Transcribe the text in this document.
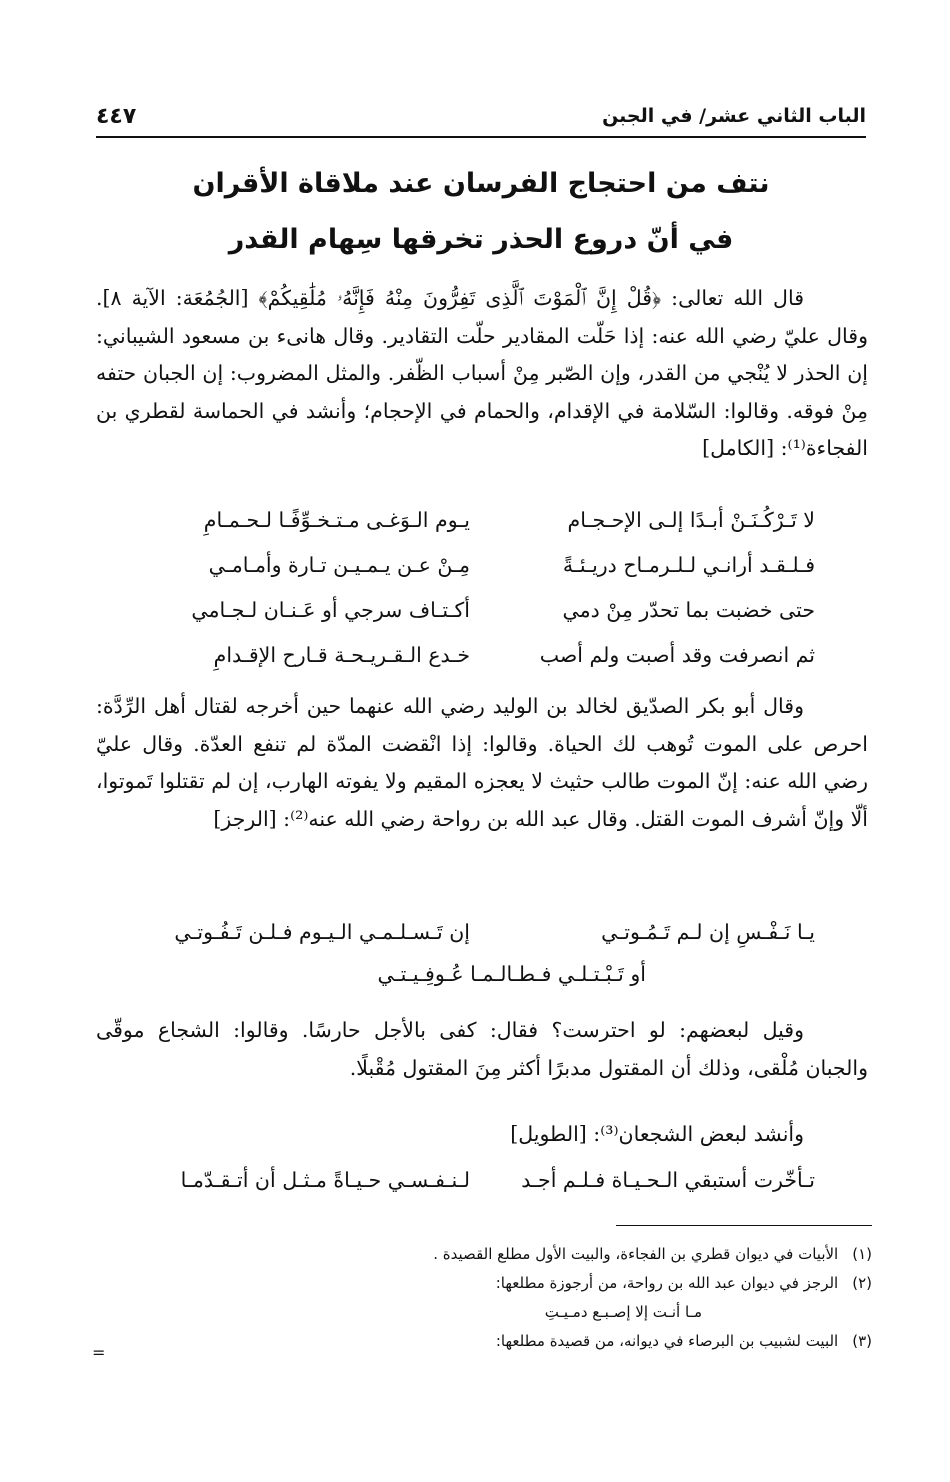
الباب الثاني عشر/ في الجبن
٤٤٧
نتف من احتجاج الفرسان عند ملاقاة الأقران
في أنّ دروع الحذر تخرقها سِهام القدر

قال الله تعالى: ﴿قُلْ إِنَّ ٱلْمَوْتَ ٱلَّذِى تَفِرُّونَ مِنْهُ فَإِنَّهُۥ مُلَٰقِيكُمْ﴾ [الجُمُعَة: الآية ٨]. وقال عليّ رضي الله عنه: إذا حَلّت المقادير حلّت التقادير. وقال هانىء بن مسعود الشيباني: إن الحذر لا يُنْجي من القدر، وإن الصّبر مِنْ أسباب الظّفر. والمثل المضروب: إن الجبان حتفه مِنْ فوقه. وقالوا: السّلامة في الإقدام، والحمام في الإحجام؛ وأنشد في الحماسة لقطري بن الفجاءة⁽¹⁾: [الكامل]

لا تَـرْكُـنَـنْ أبـدًا إلـى الإحـجـام
يـوم الـوَغـى مـتـخـوِّفًـا لـحـمـامِ
فـلـقـد أرانـي لـلـرمـاح دريـئـةً
مِـنْ عـن يـمـيـن تـارة وأمـامـي
حتى خضبت بما تحدّر مِنْ دمي
أكـتـاف سرجي أو عَـنـان لـجـامي
ثم انصرفت وقد أصبت ولم أصب
خـدع الـقـريـحـة قـارح الإقـدامِ

وقال أبو بكر الصدّيق لخالد بن الوليد رضي الله عنهما حين أخرجه لقتال أهل الرِّدَّة: احرص على الموت تُوهب لك الحياة. وقالوا: إذا انْقضت المدّة لم تنفع العدّة. وقال عليّ رضي الله عنه: إنّ الموت طالب حثيث لا يعجزه المقيم ولا يفوته الهارب، إن لم تقتلوا تَموتوا، ألّا وإنّ أشرف الموت القتل. وقال عبد الله بن رواحة رضي الله عنه⁽²⁾: [الرجز]

يـا نَـفْـسِ إن لـم تَـمُـوتـي
إن تَـسـلـمـي الـيـوم فـلـن تَـفُـوتـي
أو تَـبْـتـلـي فـطـالـمـا عُـوفِـيـتـي

وقيل لبعضهم: لو احترست؟ فقال: كفى بالأجل حارسًا. وقالوا: الشجاع موقّى والجبان مُلْقى، وذلك أن المقتول مدبرًا أكثر مِنَ المقتول مُقْبلًا.

وأنشد لبعض الشجعان⁽³⁾: [الطويل]

تـأخّرت أستبقي الـحـيـاة فـلـم أجـد
لـنـفـسـي حـيـاةً مـثـل أن أتـقـدّمـا
(١)
الأبيات في ديوان قطري بن الفجاءة، والبيت الأول مطلع القصيدة .
(٢)
الرجز في ديوان عبد الله بن رواحة، من أرجوزة مطلعها:
مـا أنـت إلا إصـبـع دمـيـتِ
(٣)
البيت لشبيب بن البرصاء في ديوانه، من قصيدة مطلعها:
=
